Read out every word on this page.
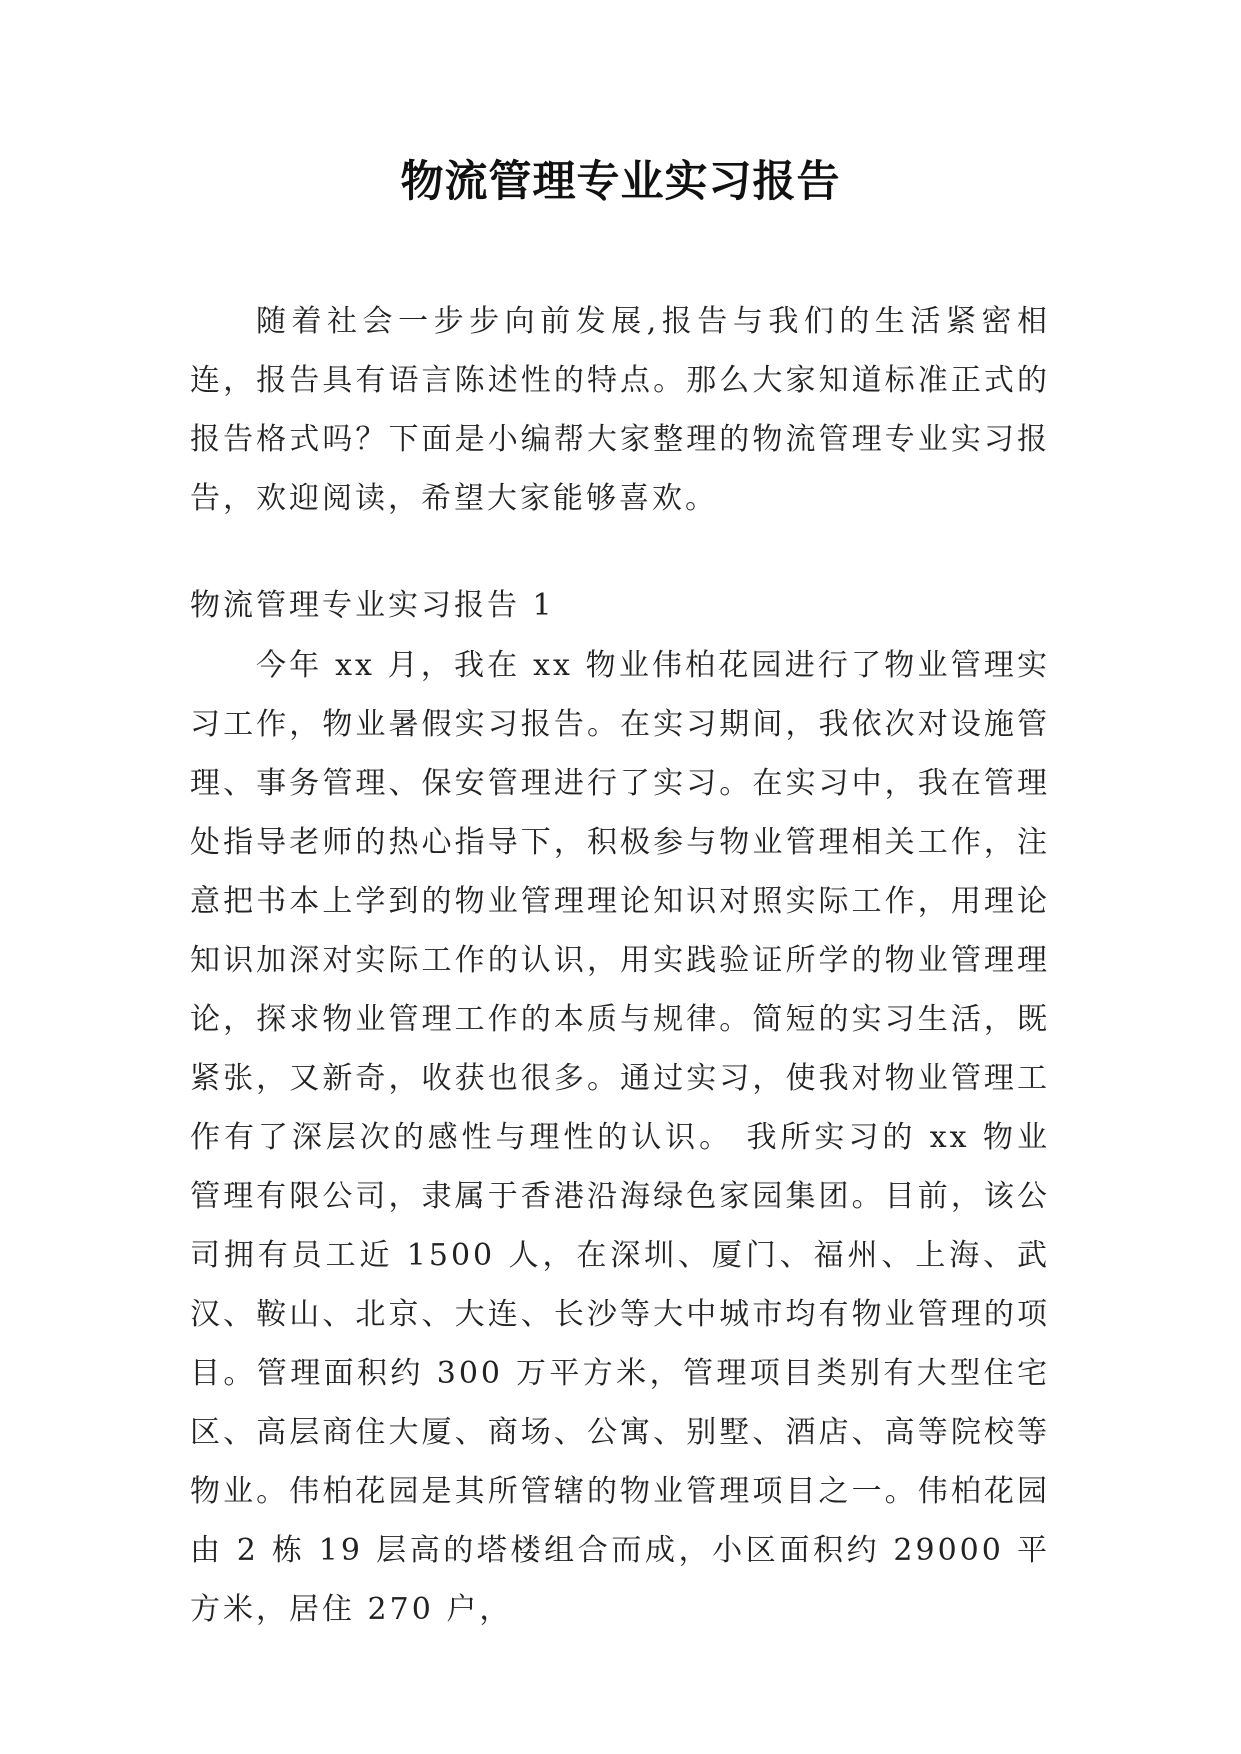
物流管理专业实习报告
随着社会一步步向前发展,报告与我们的生活紧密相连，报告具有语言陈述性的特点。那么大家知道标准正式的报告格式吗？下面是小编帮大家整理的物流管理专业实习报告，欢迎阅读，希望大家能够喜欢。
物流管理专业实习报告 1
今年 xx 月，我在 xx 物业伟柏花园进行了物业管理实习工作，物业暑假实习报告。在实习期间，我依次对设施管理、事务管理、保安管理进行了实习。在实习中，我在管理处指导老师的热心指导下，积极参与物业管理相关工作，注意把书本上学到的物业管理理论知识对照实际工作，用理论知识加深对实际工作的认识，用实践验证所学的物业管理理论，探求物业管理工作的本质与规律。简短的实习生活，既紧张，又新奇，收获也很多。通过实习，使我对物业管理工作有了深层次的感性与理性的认识。 我所实习的 xx 物业管理有限公司，隶属于香港沿海绿色家园集团。目前，该公司拥有员工近 1500 人，在深圳、厦门、福州、上海、武汉、鞍山、北京、大连、长沙等大中城市均有物业管理的项目。管理面积约 300 万平方米，管理项目类别有大型住宅区、高层商住大厦、商场、公寓、别墅、酒店、高等院校等物业。伟柏花园是其所管辖的物业管理项目之一。伟柏花园由 2 栋 19 层高的塔楼组合而成，小区面积约 29000 平方米，居住 270 户，
